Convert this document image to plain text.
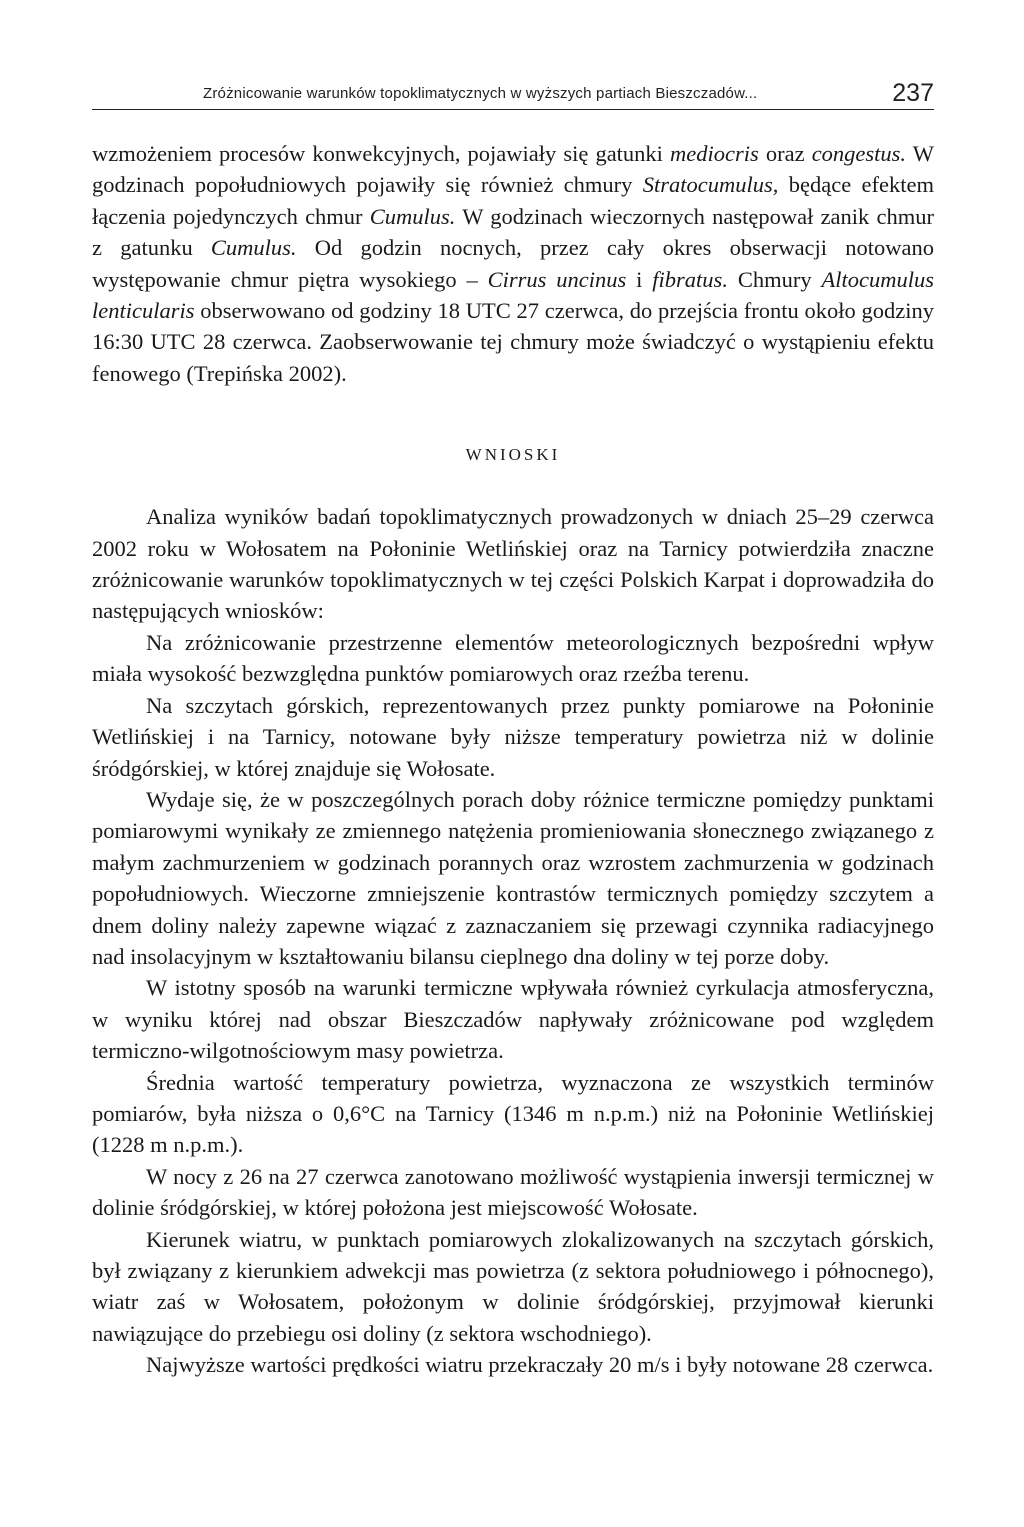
Zróżnicowanie warunków topoklimatycznych w wyższych partiach Bieszczadów...	237

wzmożeniem procesów konwekcyjnych, pojawiały się gatunki mediocris oraz congestus. W godzinach popołudniowych pojawiły się również chmury Stratocumulus, będące efektem łączenia pojedynczych chmur Cumulus. W godzinach wieczornych następował zanik chmur z gatunku Cumulus. Od godzin nocnych, przez cały okres obserwacji notowano występowanie chmur piętra wysokiego – Cirrus uncinus i fibratus. Chmury Altocumulus lenticularis obserwowano od godziny 18 UTC 27 czerwca, do przejścia frontu około godziny 16:30 UTC 28 czerwca. Zaobserwowanie tej chmury może świadczyć o wystąpieniu efektu fenowego (Trepińska 2002).

WNIOSKI

Analiza wyników badań topoklimatycznych prowadzonych w dniach 25–29 czerwca 2002 roku w Wołosatem na Połoninie Wetlińskiej oraz na Tarnicy potwierdziła znaczne zróżnicowanie warunków topoklimatycznych w tej części Polskich Karpat i doprowadziła do następujących wniosków:

Na zróżnicowanie przestrzenne elementów meteorologicznych bezpośredni wpływ miała wysokość bezwzględna punktów pomiarowych oraz rzeźba terenu.

Na szczytach górskich, reprezentowanych przez punkty pomiarowe na Połoninie Wetlińskiej i na Tarnicy, notowane były niższe temperatury powietrza niż w dolinie śródgórskiej, w której znajduje się Wołosate.

Wydaje się, że w poszczególnych porach doby różnice termiczne pomiędzy punktami pomiarowymi wynikały ze zmiennego natężenia promieniowania słonecznego związanego z małym zachmurzeniem w godzinach porannych oraz wzrostem zachmurzenia w godzinach popołudniowych. Wieczorne zmniejszenie kontrastów termicznych pomiędzy szczytem a dnem doliny należy zapewne wiązać z zaznaczaniem się przewagi czynnika radiacyjnego nad insolacyjnym w kształtowaniu bilansu cieplnego dna doliny w tej porze doby.

W istotny sposób na warunki termiczne wpływała również cyrkulacja atmosferyczna, w wyniku której nad obszar Bieszczadów napływały zróżnicowane pod względem termiczno-wilgotnościowym masy powietrza.

Średnia wartość temperatury powietrza, wyznaczona ze wszystkich terminów pomiarów, była niższa o 0,6°C na Tarnicy (1346 m n.p.m.) niż na Połoninie Wetlińskiej (1228 m n.p.m.).

W nocy z 26 na 27 czerwca zanotowano możliwość wystąpienia inwersji termicznej w dolinie śródgórskiej, w której położona jest miejscowość Wołosate.

Kierunek wiatru, w punktach pomiarowych zlokalizowanych na szczytach górskich, był związany z kierunkiem adwekcji mas powietrza (z sektora południowego i północnego), wiatr zaś w Wołosatem, położonym w dolinie śródgórskiej, przyjmował kierunki nawiązujące do przebiegu osi doliny (z sektora wschodniego).

Najwyższe wartości prędkości wiatru przekraczały 20 m/s i były notowane 28 czerwca.
